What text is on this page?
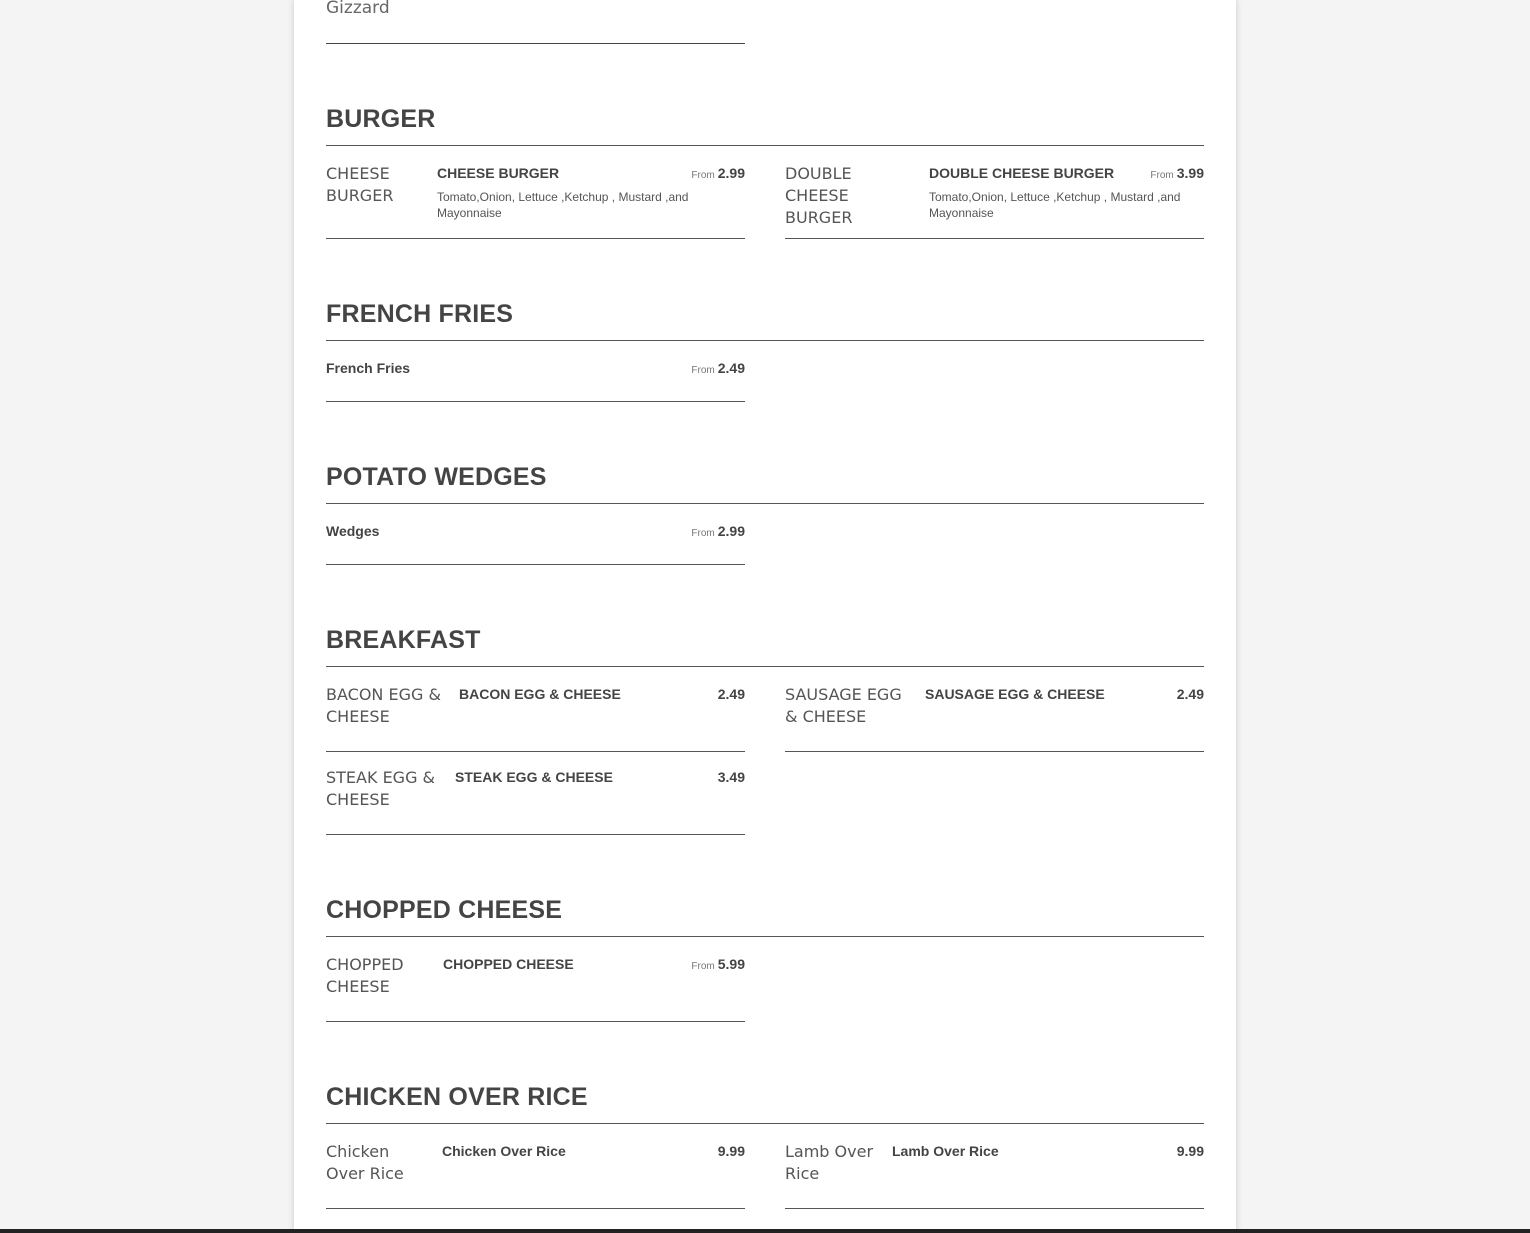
Gizzard
BURGER
CHEESE BURGER
CHEESE BURGER	From 2.99
Tomato,Onion, Lettuce ,Ketchup , Mustard ,and Mayonnaise
DOUBLE CHEESE BURGER
DOUBLE CHEESE BURGER	From 3.99
Tomato,Onion, Lettuce ,Ketchup , Mustard ,and Mayonnaise
FRENCH FRIES
French Fries	From 2.49
POTATO WEDGES
Wedges	From 2.99
BREAKFAST
BACON EGG & CHEESE
BACON EGG & CHEESE	2.49	SAUSAGE EGG & CHEESE
SAUSAGE EGG & CHEESE	2.49
STEAK EGG & CHEESE
STEAK EGG & CHEESE	3.49
CHOPPED CHEESE
CHOPPED CHEESE
CHOPPED CHEESE	From 5.99
CHICKEN OVER RICE
Chicken Over Rice
Chicken Over Rice	9.99	Lamb Over Rice
Lamb Over Rice	9.99
